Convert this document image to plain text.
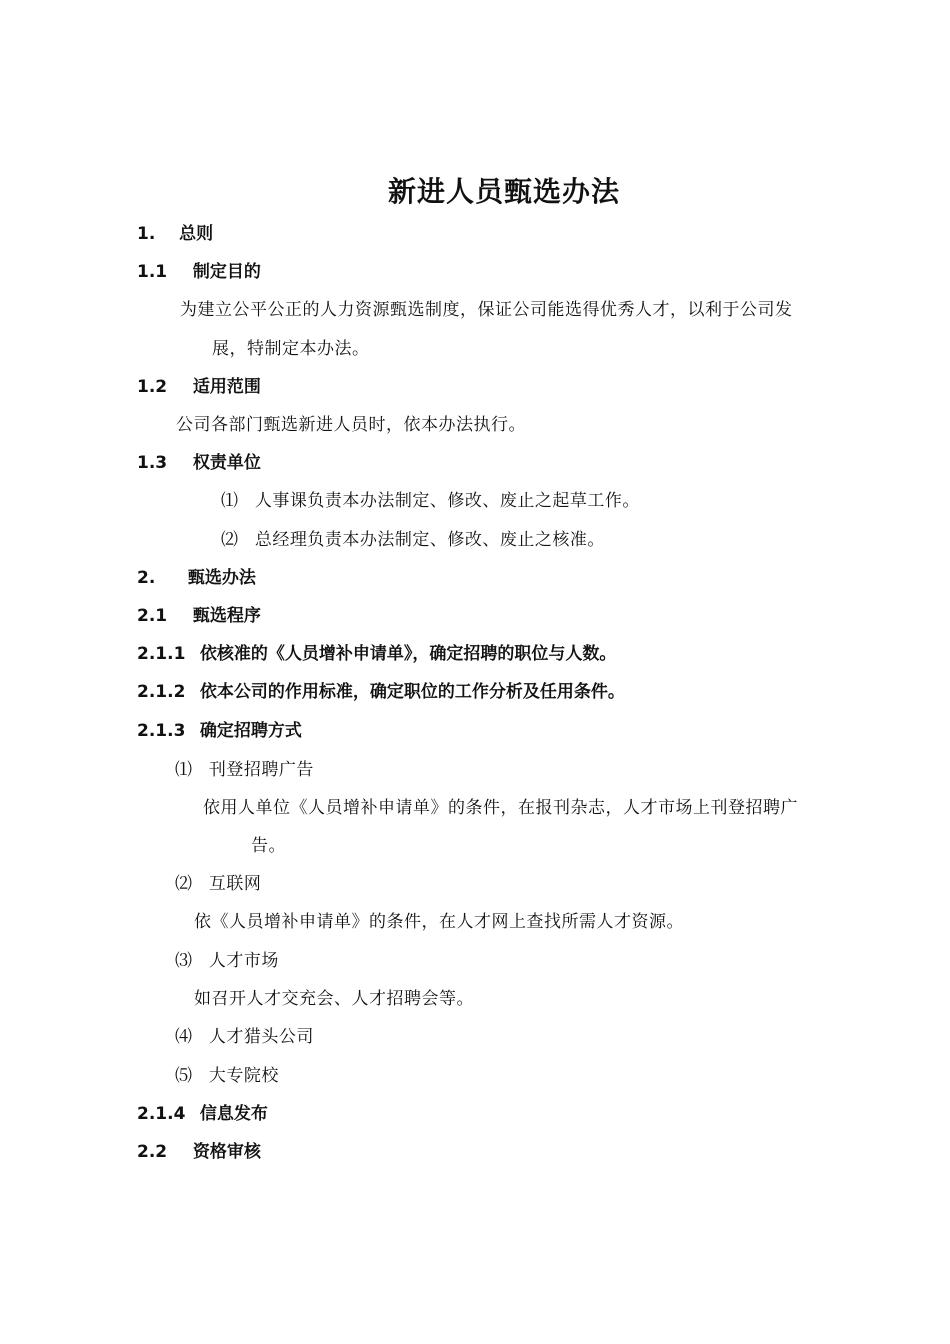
新进人员甄选办法
1. 总则
1.1 制定目的
为建立公平公正的人力资源甄选制度，保证公司能选得优秀人才，以利于公司发
展，特制定本办法。
1.2 适用范围
公司各部门甄选新进人员时，依本办法执行。
1.3 权责单位
⑴ 人事课负责本办法制定、修改、废止之起草工作。
⑵ 总经理负责本办法制定、修改、废止之核准。
2. 甄选办法
2.1 甄选程序
2.1.1 依核准的《人员增补申请单》，确定招聘的职位与人数。
2.1.2 依本公司的作用标准，确定职位的工作分析及任用条件。
2.1.3 确定招聘方式
⑴ 刊登招聘广告
依用人单位《人员增补申请单》的条件，在报刊杂志，人才市场上刊登招聘广
告。
⑵ 互联网
依《人员增补申请单》的条件，在人才网上查找所需人才资源。
⑶ 人才市场
如召开人才交充会、人才招聘会等。
⑷ 人才猎头公司
⑸ 大专院校
2.1.4 信息发布
2.2 资格审核
